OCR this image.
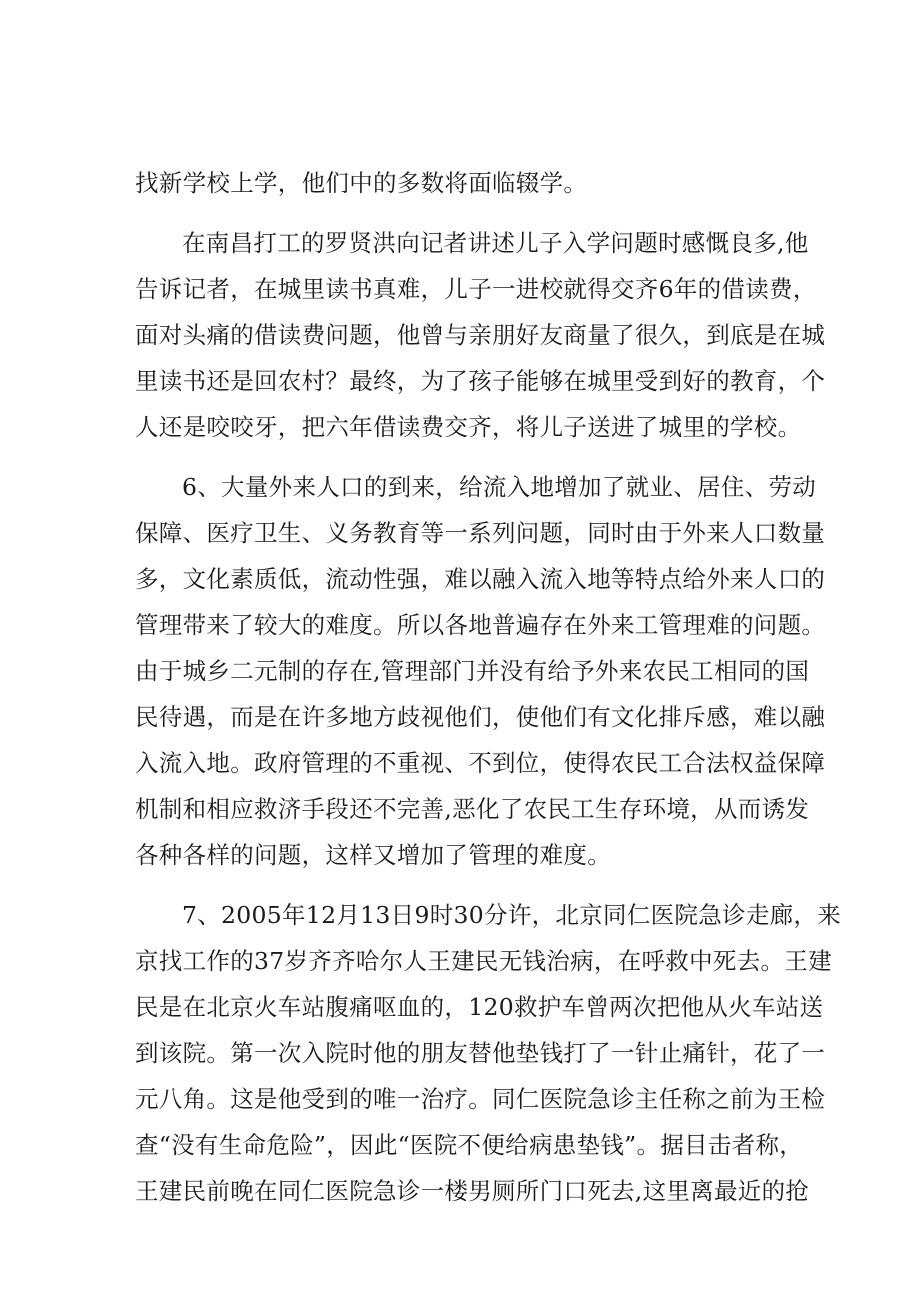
找新学校上学，他们中的多数将面临辍学。
在南昌打工的罗贤洪向记者讲述儿子入学问题时感慨良多,他
告诉记者，在城里读书真难，儿子一进校就得交齐6年的借读费，
面对头痛的借读费问题，他曾与亲朋好友商量了很久，到底是在城
里读书还是回农村？最终，为了孩子能够在城里受到好的教育，个
人还是咬咬牙，把六年借读费交齐，将儿子送进了城里的学校。
6、大量外来人口的到来，给流入地增加了就业、居住、劳动
保障、医疗卫生、义务教育等一系列问题，同时由于外来人口数量
多，文化素质低，流动性强，难以融入流入地等特点给外来人口的
管理带来了较大的难度。所以各地普遍存在外来工管理难的问题。
由于城乡二元制的存在,管理部门并没有给予外来农民工相同的国
民待遇，而是在许多地方歧视他们，使他们有文化排斥感，难以融
入流入地。政府管理的不重视、不到位，使得农民工合法权益保障
机制和相应救济手段还不完善,恶化了农民工生存环境，从而诱发
各种各样的问题，这样又增加了管理的难度。
7、2005年12月13日9时30分许，北京同仁医院急诊走廊，来
京找工作的37岁齐齐哈尔人王建民无钱治病，在呼救中死去。王建
民是在北京火车站腹痛呕血的，120救护车曾两次把他从火车站送
到该院。第一次入院时他的朋友替他垫钱打了一针止痛针，花了一
元八角。这是他受到的唯一治疗。同仁医院急诊主任称之前为王检
查“没有生命危险”，因此“医院不便给病患垫钱”。据目击者称，
王建民前晚在同仁医院急诊一楼男厕所门口死去,这里离最近的抢
